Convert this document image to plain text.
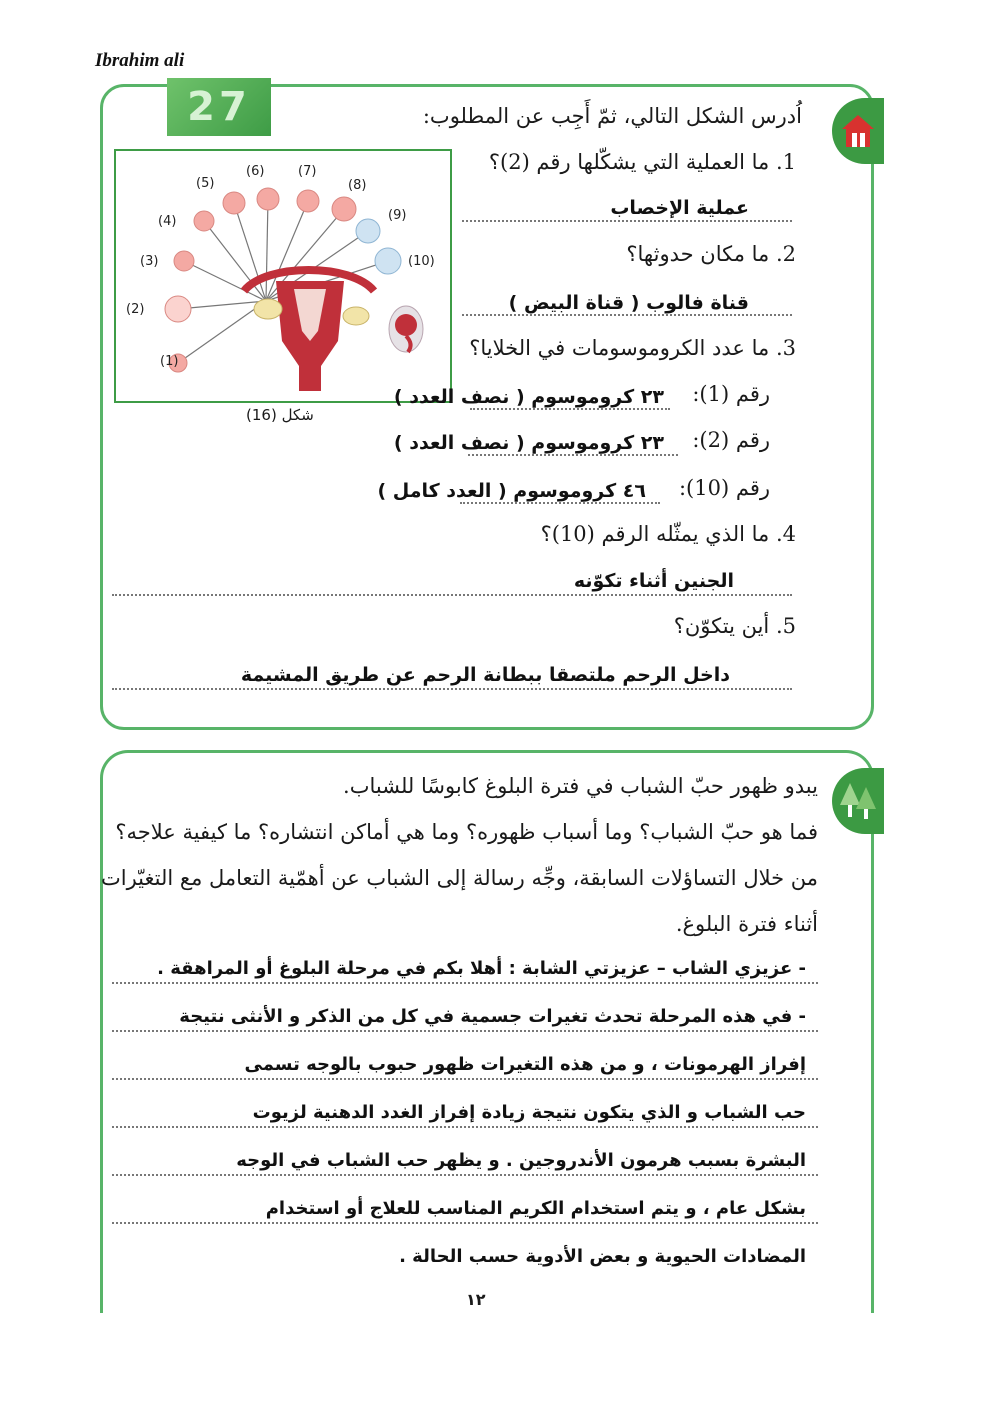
Ibrahim ali
27
(1)
(2)
(3)
(4)
(5)
(6)	(7)
(8)
(9)
(10)
شكل (16)
اُدرس الشكل التالي، ثمّ أَجِب عن المطلوب:
1. ما العملية التي يشكّلها رقم (2)؟
عملية الإخصاب
2. ما مكان حدوثها؟
قناة فالوب ( قناة البيض )
3. ما عدد الكروموسومات في الخلايا؟
رقم (1):
٢٣ كروموسوم ( نصف العدد )
رقم (2):
٢٣ كروموسوم ( نصف العدد )
رقم (10):
٤٦ كروموسوم ( العدد كامل )
4. ما الذي يمثّله الرقم (10)؟
الجنين أثناء تكوّنه
5. أين يتكوّن؟
داخل الرحم ملتصقا ببطانة الرحم عن طريق المشيمة
يبدو ظهور حبّ الشباب في فترة البلوغ كابوسًا للشباب.
فما هو حبّ الشباب؟ وما أسباب ظهوره؟ وما هي أماكن انتشاره؟ ما كيفية علاجه؟
من خلال التساؤلات السابقة، وجِّه رسالة إلى الشباب عن أهمّية التعامل مع التغيّرات
أثناء فترة البلوغ.
- عزيزي الشاب – عزيزتي الشابة : أهلا بكم في مرحلة البلوغ أو المراهقة .
- في هذه المرحلة تحدث تغيرات جسمية في كل من الذكر و الأنثى نتيجة
إفراز الهرمونات ، و من هذه التغيرات ظهور حبوب بالوجه تسمى
حب الشباب و الذي يتكون نتيجة زيادة إفراز الغدد الدهنية لزيوت
البشرة بسبب هرمون الأندروجين . و يظهر حب الشباب في الوجه
بشكل عام ، و يتم استخدام الكريم المناسب للعلاج أو استخدام
المضادات الحيوية و بعض الأدوية حسب الحالة .
١٢
